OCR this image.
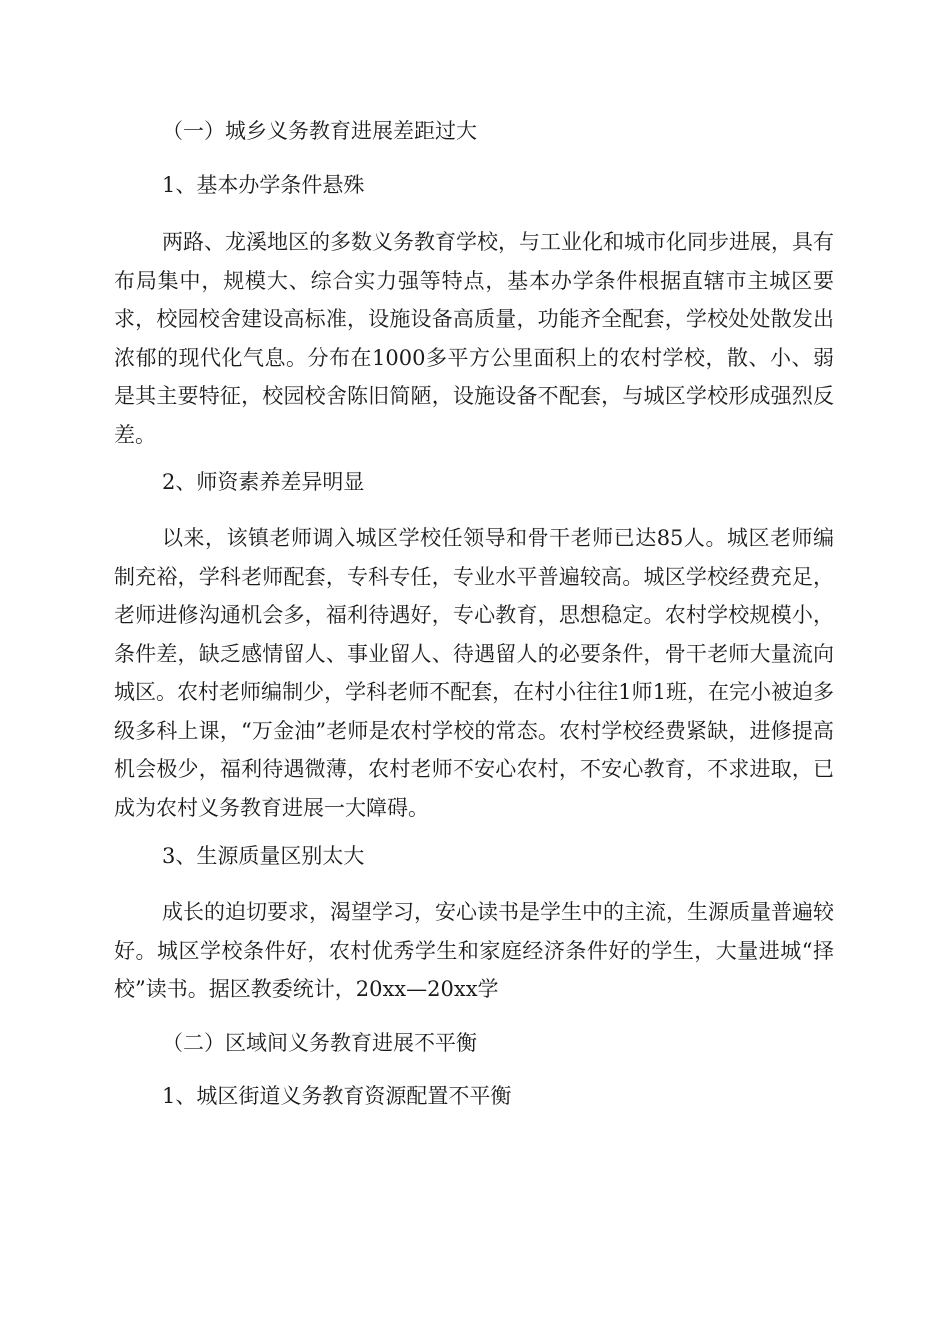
（一）城乡义务教育进展差距过大

1、基本办学条件悬殊

两路、龙溪地区的多数义务教育学校，与工业化和城市化同步进展，具有布局集中，规模大、综合实力强等特点，基本办学条件根据直辖市主城区要求，校园校舍建设高标准，设施设备高质量，功能齐全配套，学校处处散发出浓郁的现代化气息。分布在1000多平方公里面积上的农村学校，散、小、弱是其主要特征，校园校舍陈旧简陋，设施设备不配套，与城区学校形成强烈反差。

2、师资素养差异明显

以来，该镇老师调入城区学校任领导和骨干老师已达85人。城区老师编制充裕，学科老师配套，专科专任，专业水平普遍较高。城区学校经费充足，老师进修沟通机会多，福利待遇好，专心教育，思想稳定。农村学校规模小，条件差，缺乏感情留人、事业留人、待遇留人的必要条件，骨干老师大量流向城区。农村老师编制少，学科老师不配套，在村小往往1师1班，在完小被迫多级多科上课，“万金油”老师是农村学校的常态。农村学校经费紧缺，进修提高机会极少，福利待遇微薄，农村老师不安心农村，不安心教育，不求进取，已成为农村义务教育进展一大障碍。

3、生源质量区别太大

成长的迫切要求，渴望学习，安心读书是学生中的主流，生源质量普遍较好。城区学校条件好，农村优秀学生和家庭经济条件好的学生，大量进城“择校”读书。据区教委统计，20xx—20xx学

（二）区域间义务教育进展不平衡

1、城区街道义务教育资源配置不平衡
